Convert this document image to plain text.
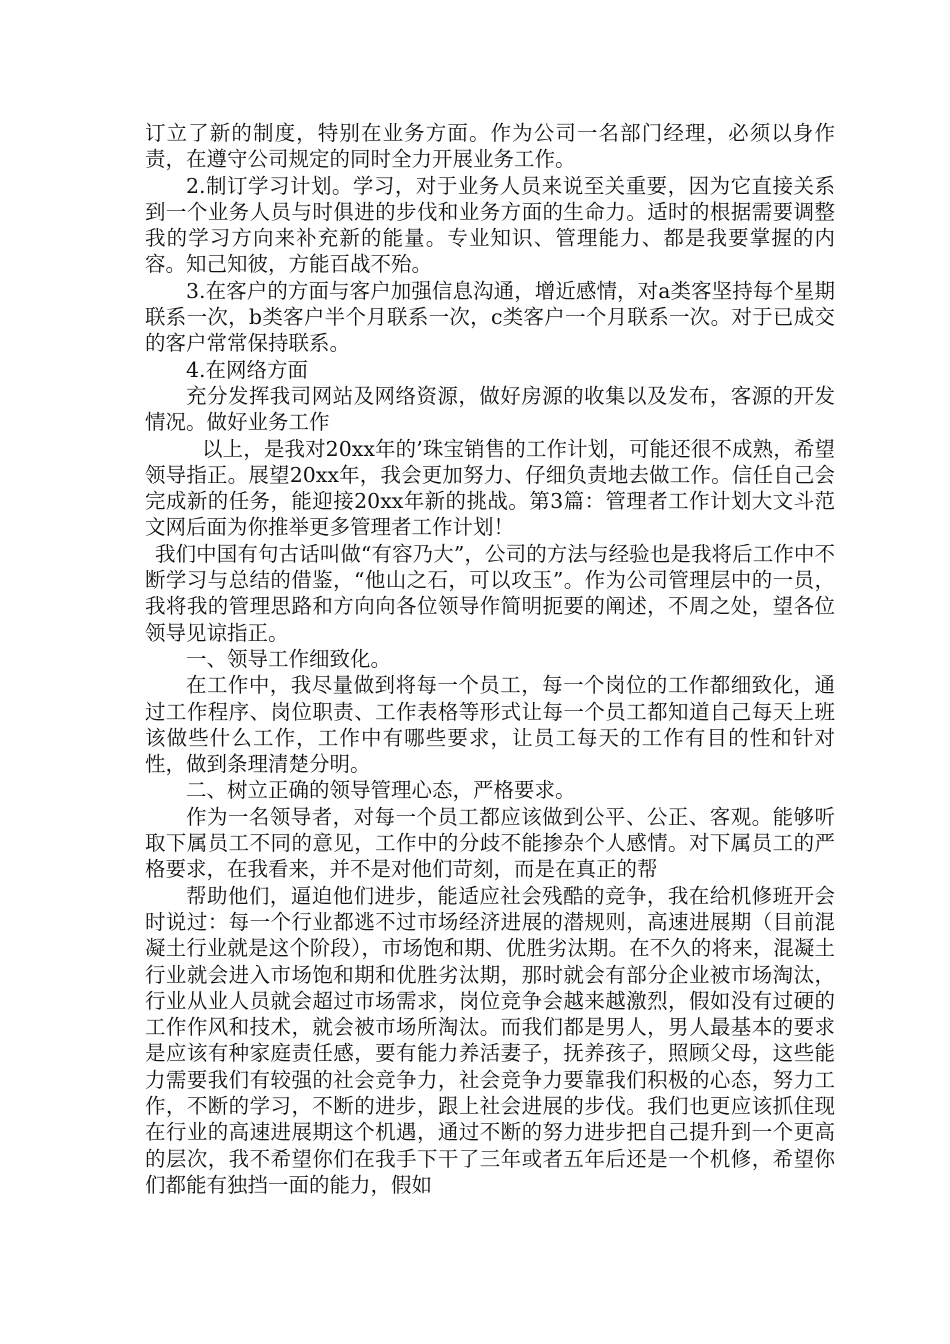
订立了新的制度，特别在业务方面。作为公司一名部门经理，必须以身作责，在遵守公司规定的同时全力开展业务工作。

2.制订学习计划。学习，对于业务人员来说至关重要，因为它直接关系到一个业务人员与时俱进的步伐和业务方面的生命力。适时的根据需要调整我的学习方向来补充新的能量。专业知识、管理能力、都是我要掌握的内容。知己知彼，方能百战不殆。

3.在客户的方面与客户加强信息沟通，增近感情，对a类客坚持每个星期联系一次，b类客户半个月联系一次，c类客户一个月联系一次。对于已成交的客户常常保持联系。

4.在网络方面

充分发挥我司网站及网络资源，做好房源的收集以及发布，客源的开发情况。做好业务工作

以上，是我对20xx年的’珠宝销售的工作计划，可能还很不成熟，希望领导指正。展望20xx年，我会更加努力、仔细负责地去做工作。信任自己会完成新的任务，能迎接20xx年新的挑战。第3篇：管理者工作计划大文斗范文网后面为你推举更多管理者工作计划！

我们中国有句古话叫做“有容乃大”，公司的方法与经验也是我将后工作中不断学习与总结的借鉴，“他山之石，可以攻玉”。作为公司管理层中的一员，我将我的管理思路和方向向各位领导作简明扼要的阐述，不周之处，望各位领导见谅指正。

一、领导工作细致化。

在工作中，我尽量做到将每一个员工，每一个岗位的工作都细致化，通过工作程序、岗位职责、工作表格等形式让每一个员工都知道自己每天上班该做些什么工作，工作中有哪些要求，让员工每天的工作有目的性和针对性，做到条理清楚分明。

二、树立正确的领导管理心态，严格要求。

作为一名领导者，对每一个员工都应该做到公平、公正、客观。能够听取下属员工不同的意见，工作中的分歧不能掺杂个人感情。对下属员工的严格要求，在我看来，并不是对他们苛刻，而是在真正的帮

帮助他们，逼迫他们进步，能适应社会残酷的竞争，我在给机修班开会时说过：每一个行业都逃不过市场经济进展的潜规则，高速进展期（目前混凝土行业就是这个阶段），市场饱和期、优胜劣汰期。在不久的将来，混凝土行业就会进入市场饱和期和优胜劣汰期，那时就会有部分企业被市场淘汰，行业从业人员就会超过市场需求，岗位竞争会越来越激烈，假如没有过硬的工作作风和技术，就会被市场所淘汰。而我们都是男人，男人最基本的要求是应该有种家庭责任感，要有能力养活妻子，抚养孩子，照顾父母，这些能力需要我们有较强的社会竞争力，社会竞争力要靠我们积极的心态，努力工作，不断的学习，不断的进步，跟上社会进展的步伐。我们也更应该抓住现在行业的高速进展期这个机遇，通过不断的努力进步把自己提升到一个更高的层次，我不希望你们在我手下干了三年或者五年后还是一个机修，希望你们都能有独挡一面的能力，假如
